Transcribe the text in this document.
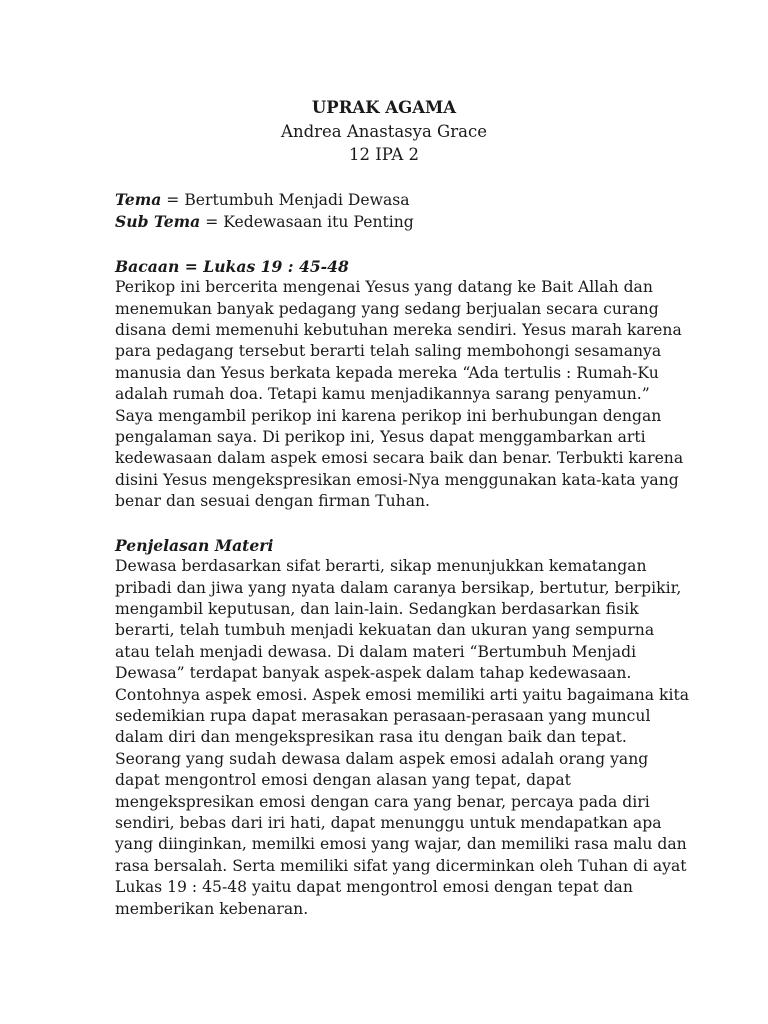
UPRAK AGAMA
Andrea Anastasya Grace
12 IPA 2

Tema = Bertumbuh Menjadi Dewasa

Sub Tema = Kedewasaan itu Penting

Bacaan = Lukas 19 : 45-48

Perikop ini bercerita mengenai Yesus yang datang ke Bait Allah dan

menemukan banyak pedagang yang sedang berjualan secara curang

disana demi memenuhi kebutuhan mereka sendiri. Yesus marah karena

para pedagang tersebut berarti telah saling membohongi sesamanya

manusia dan Yesus berkata kepada mereka “Ada tertulis : Rumah-Ku

adalah rumah doa. Tetapi kamu menjadikannya sarang penyamun.”

Saya mengambil perikop ini karena perikop ini berhubungan dengan

pengalaman saya. Di perikop ini, Yesus dapat menggambarkan arti

kedewasaan dalam aspek emosi secara baik dan benar. Terbukti karena

disini Yesus mengekspresikan emosi-Nya menggunakan kata-kata yang

benar dan sesuai dengan firman Tuhan.

Penjelasan Materi

Dewasa berdasarkan sifat berarti, sikap menunjukkan kematangan

pribadi dan jiwa yang nyata dalam caranya bersikap, bertutur, berpikir,

mengambil keputusan, dan lain-lain. Sedangkan berdasarkan fisik

berarti, telah tumbuh menjadi kekuatan dan ukuran yang sempurna

atau telah menjadi dewasa. Di dalam materi “Bertumbuh Menjadi

Dewasa” terdapat banyak aspek-aspek dalam tahap kedewasaan.

Contohnya aspek emosi. Aspek emosi memiliki arti yaitu bagaimana kita

sedemikian rupa dapat merasakan perasaan-perasaan yang muncul

dalam diri dan mengekspresikan rasa itu dengan baik dan tepat.

Seorang yang sudah dewasa dalam aspek emosi adalah orang yang

dapat mengontrol emosi dengan alasan yang tepat, dapat

mengekspresikan emosi dengan cara yang benar, percaya pada diri

sendiri, bebas dari iri hati, dapat menunggu untuk mendapatkan apa

yang diinginkan, memilki emosi yang wajar, dan memiliki rasa malu dan

rasa bersalah. Serta memiliki sifat yang dicerminkan oleh Tuhan di ayat

Lukas 19 : 45-48 yaitu dapat mengontrol emosi dengan tepat dan

memberikan kebenaran.
